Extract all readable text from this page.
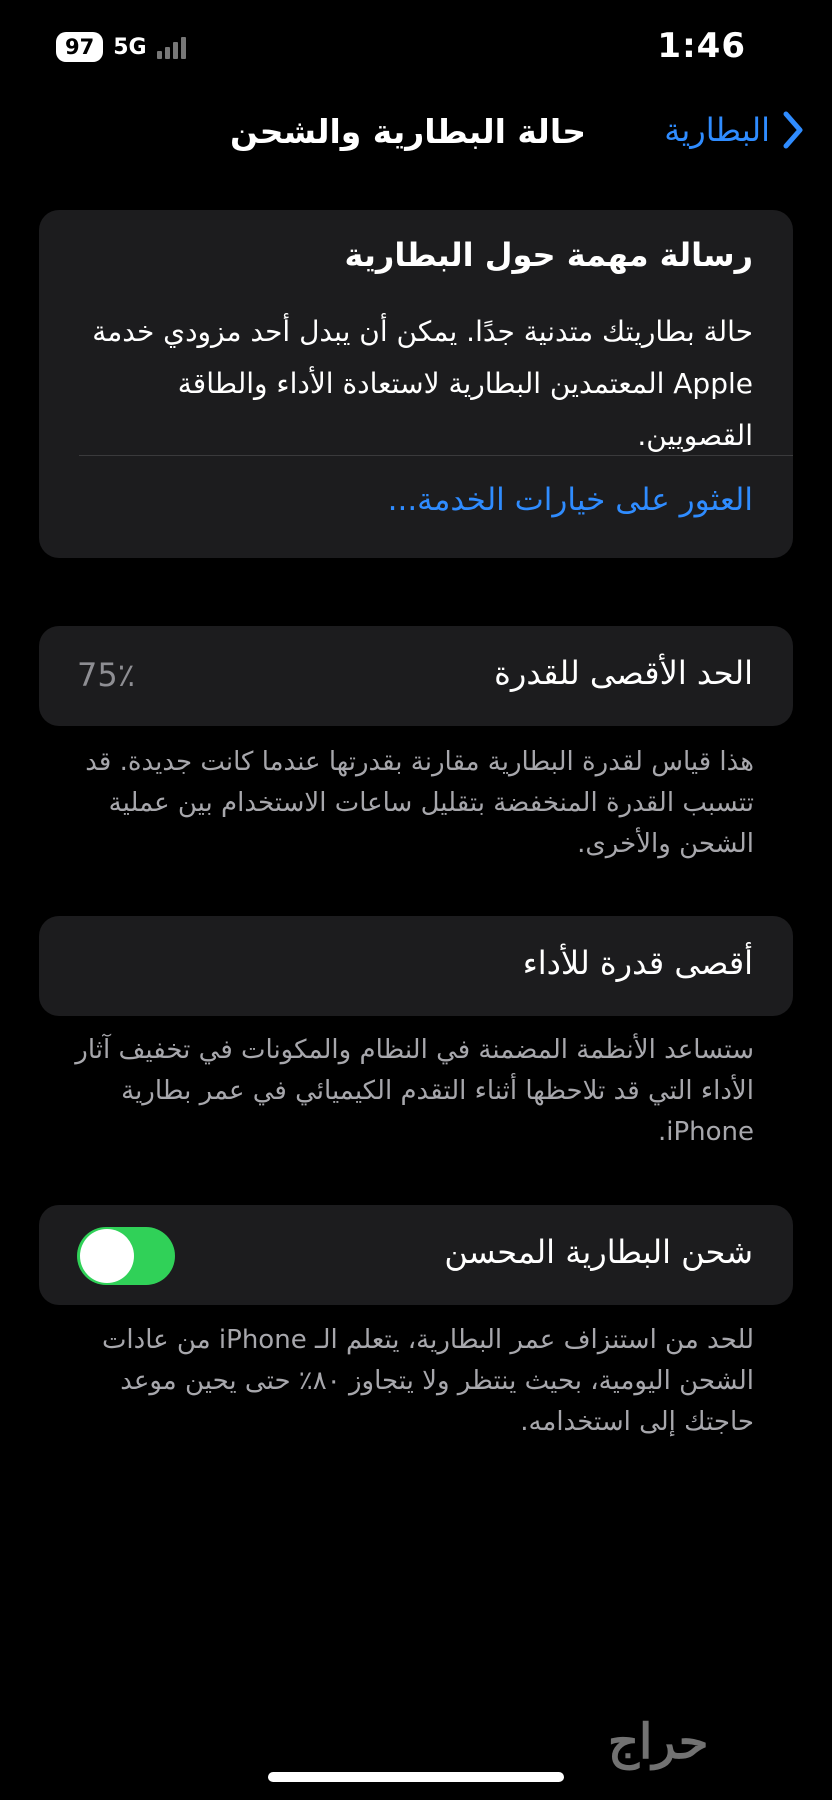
97 5G	1:46
البطارية
حالة البطارية والشحن
رسالة مهمة حول البطارية
حالة بطاريتك متدنية جدًا. يمكن أن يبدل أحد مزودي خدمة Apple المعتمدين البطارية لاستعادة الأداء والطاقة القصويين.
العثور على خيارات الخدمة...
الحد الأقصى للقدرة
75٪
هذا قياس لقدرة البطارية مقارنة بقدرتها عندما كانت جديدة. قد تتسبب القدرة المنخفضة بتقليل ساعات الاستخدام بين عملية الشحن والأخرى.
أقصى قدرة للأداء
ستساعد الأنظمة المضمنة في النظام والمكونات في تخفيف آثار الأداء التي قد تلاحظها أثناء التقدم الكيميائي في عمر بطارية iPhone.
شحن البطارية المحسن
للحد من استنزاف عمر البطارية، يتعلم الـ iPhone من عادات الشحن اليومية، بحيث ينتظر ولا يتجاوز ٨٠٪ حتى يحين موعد حاجتك إلى استخدامه.
حراج
